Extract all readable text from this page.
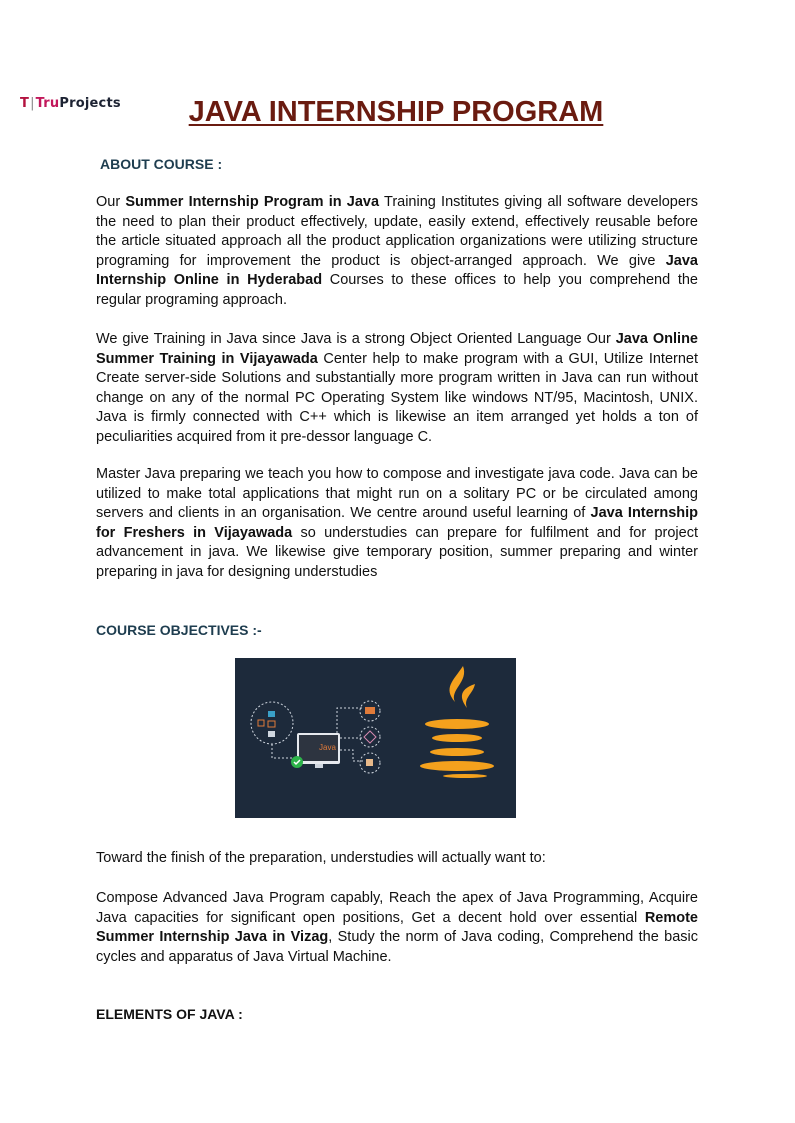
T|TruProjects	JAVA INTERNSHIP PROGRAM
ABOUT COURSE :

Our Summer Internship Program in Java Training Institutes giving all software developers the need to plan their product effectively, update, easily extend, effectively reusable before the article situated approach all the product application organizations were utilizing structure programing for improvement the product is object-arranged approach. We give Java Internship Online in Hyderabad Courses to these offices to help you comprehend the regular programing approach.

We give Training in Java since Java is a strong Object Oriented Language Our Java Online Summer Training in Vijayawada Center help to make program with a GUI, Utilize Internet Create server-side Solutions and substantially more program written in Java can run without change on any of the normal PC Operating System like windows NT/95, Macintosh, UNIX. Java is firmly connected with C++ which is likewise an item arranged yet holds a ton of peculiarities acquired from it pre-dessor language C.

Master Java preparing we teach you how to compose and investigate java code. Java can be utilized to make total applications that might run on a solitary PC or be circulated among servers and clients in an organisation. We centre around useful learning of Java Internship for Freshers in Vijayawada so understudies can prepare for fulfilment and for project advancement in java. We likewise give temporary position, summer preparing and winter preparing in java for designing understudies

COURSE OBJECTIVES :-
Java

Toward the finish of the preparation, understudies will actually want to:

Compose Advanced Java Program capably, Reach the apex of Java Programming, Acquire Java capacities for significant open positions, Get a decent hold over essential Remote Summer Internship Java in Vizag, Study the norm of Java coding, Comprehend the basic cycles and apparatus of Java Virtual Machine.

ELEMENTS OF JAVA :
